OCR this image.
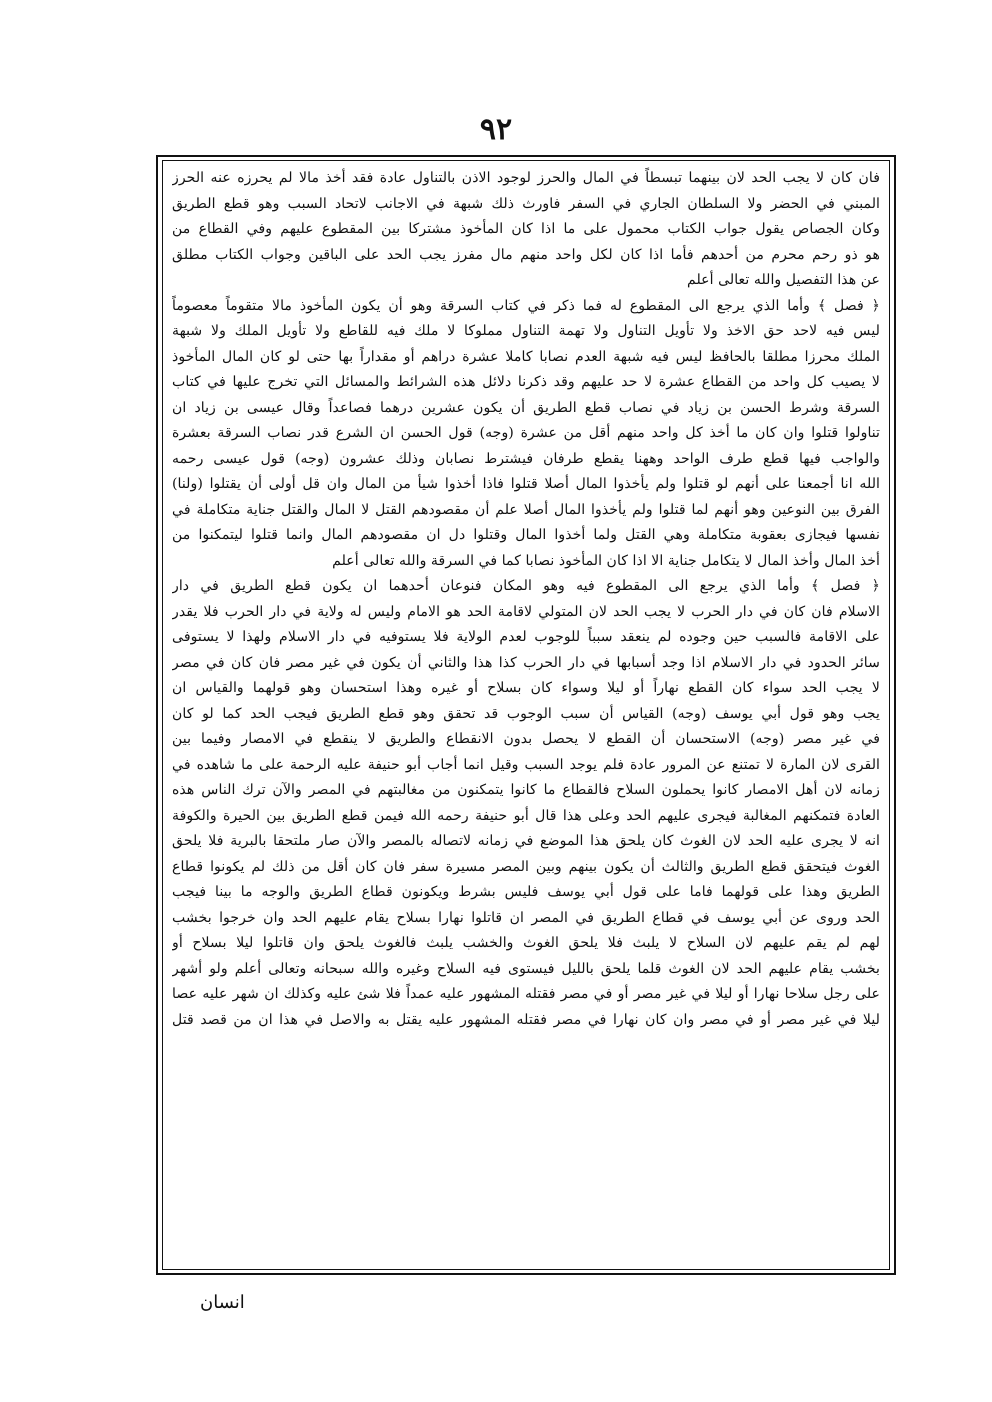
٩٢
فان كان لا يجب الحد لان بينهما تبسطاً في المال والحرز لوجود الاذن بالتناول عادة فقد أخذ مالا لم يحرزه عنه الحرز
المبني في الحضر ولا السلطان الجاري في السفر فاورث ذلك شبهة في الاجانب لاتحاد السبب وهو قطع الطريق
وكان الجصاص يقول جواب الكتاب محمول على ما اذا كان المأخوذ مشتركا بين المقطوع عليهم وفي القطاع من
هو ذو رحم محرم من أحدهم فأما اذا كان لكل واحد منهم مال مفرز يجب الحد على الباقين وجواب الكتاب مطلق
عن هذا التفصيل والله تعالى أعلم
﴿ فصل ﴾ وأما الذي يرجع الى المقطوع له فما ذكر في كتاب السرقة وهو أن يكون المأخوذ مالا متقوماً معصوماً
ليس فيه لاحد حق الاخذ ولا تأويل التناول ولا تهمة التناول مملوكا لا ملك فيه للقاطع ولا تأويل الملك ولا شبهة
الملك محرزا مطلقا بالحافظ ليس فيه شبهة العدم نصابا كاملا عشرة دراهم أو مقداراً بها حتى لو كان المال المأخوذ
لا يصيب كل واحد من القطاع عشرة لا حد عليهم وقد ذكرنا دلائل هذه الشرائط والمسائل التي تخرج عليها في كتاب
السرقة وشرط الحسن بن زياد في نصاب قطع الطريق أن يكون عشرين درهما فصاعداً وقال عيسى بن زياد ان
تناولوا قتلوا وان كان ما أخذ كل واحد منهم أقل من عشرة (وجه) قول الحسن ان الشرع قدر نصاب السرقة بعشرة
والواجب فيها قطع طرف الواحد وههنا يقطع طرفان فيشترط نصابان وذلك عشرون (وجه) قول عيسى رحمه
الله انا أجمعنا على أنهم لو قتلوا ولم يأخذوا المال أصلا قتلوا فاذا أخذوا شيأ من المال وان قل أولى أن يقتلوا (ولنا)
الفرق بين النوعين وهو أنهم لما قتلوا ولم يأخذوا المال أصلا علم أن مقصودهم القتل لا المال والقتل جناية متكاملة في
نفسها فيجازى بعقوبة متكاملة وهي القتل ولما أخذوا المال وقتلوا دل ان مقصودهم المال وانما قتلوا ليتمكنوا من
أخذ المال وأخذ المال لا يتكامل جناية الا اذا كان المأخوذ نصابا كما في السرقة والله تعالى أعلم
﴿ فصل ﴾ وأما الذي يرجع الى المقطوع فيه وهو المكان فنوعان أحدهما ان يكون قطع الطريق في دار
الاسلام فان كان في دار الحرب لا يجب الحد لان المتولي لاقامة الحد هو الامام وليس له ولاية في دار الحرب فلا يقدر
على الاقامة فالسبب حين وجوده لم ينعقد سبباً للوجوب لعدم الولاية فلا يستوفيه في دار الاسلام ولهذا لا يستوفى
سائر الحدود في دار الاسلام اذا وجد أسبابها في دار الحرب كذا هذا والثاني أن يكون في غير مصر فان كان في مصر
لا يجب الحد سواء كان القطع نهاراً أو ليلا وسواء كان بسلاح أو غيره وهذا استحسان وهو قولهما والقياس ان
يجب وهو قول أبي يوسف (وجه) القياس أن سبب الوجوب قد تحقق وهو قطع الطريق فيجب الحد كما لو كان
في غير مصر (وجه) الاستحسان أن القطع لا يحصل بدون الانقطاع والطريق لا ينقطع في الامصار وفيما بين
القرى لان المارة لا تمتنع عن المرور عادة فلم يوجد السبب وقيل انما أجاب أبو حنيفة عليه الرحمة على ما شاهده في
زمانه لان أهل الامصار كانوا يحملون السلاح فالقطاع ما كانوا يتمكنون من مغالبتهم في المصر والآن ترك الناس هذه
العادة فتمكنهم المغالبة فيجرى عليهم الحد وعلى هذا قال أبو حنيفة رحمه الله فيمن قطع الطريق بين الحيرة والكوفة
انه لا يجرى عليه الحد لان الغوث كان يلحق هذا الموضع في زمانه لاتصاله بالمصر والآن صار ملتحقا بالبرية فلا يلحق
الغوث فيتحقق قطع الطريق والثالث أن يكون بينهم وبين المصر مسيرة سفر فان كان أقل من ذلك لم يكونوا قطاع
الطريق وهذا على قولهما فاما على قول أبي يوسف فليس بشرط ويكونون قطاع الطريق والوجه ما بينا فيجب
الحد وروى عن أبي يوسف في قطاع الطريق في المصر ان قاتلوا نهارا بسلاح يقام عليهم الحد وان خرجوا بخشب
لهم لم يقم عليهم لان السلاح لا يلبث فلا يلحق الغوث والخشب يلبث فالغوث يلحق وان قاتلوا ليلا بسلاح أو
بخشب يقام عليهم الحد لان الغوث قلما يلحق بالليل فيستوى فيه السلاح وغيره والله سبحانه وتعالى أعلم ولو أشهر
على رجل سلاحا نهارا أو ليلا في غير مصر أو في مصر فقتله المشهور عليه عمداً فلا شئ عليه وكذلك ان شهر عليه عصا
ليلا في غير مصر أو في مصر وان كان نهارا في مصر فقتله المشهور عليه يقتل به والاصل في هذا ان من قصد قتل
انسان
